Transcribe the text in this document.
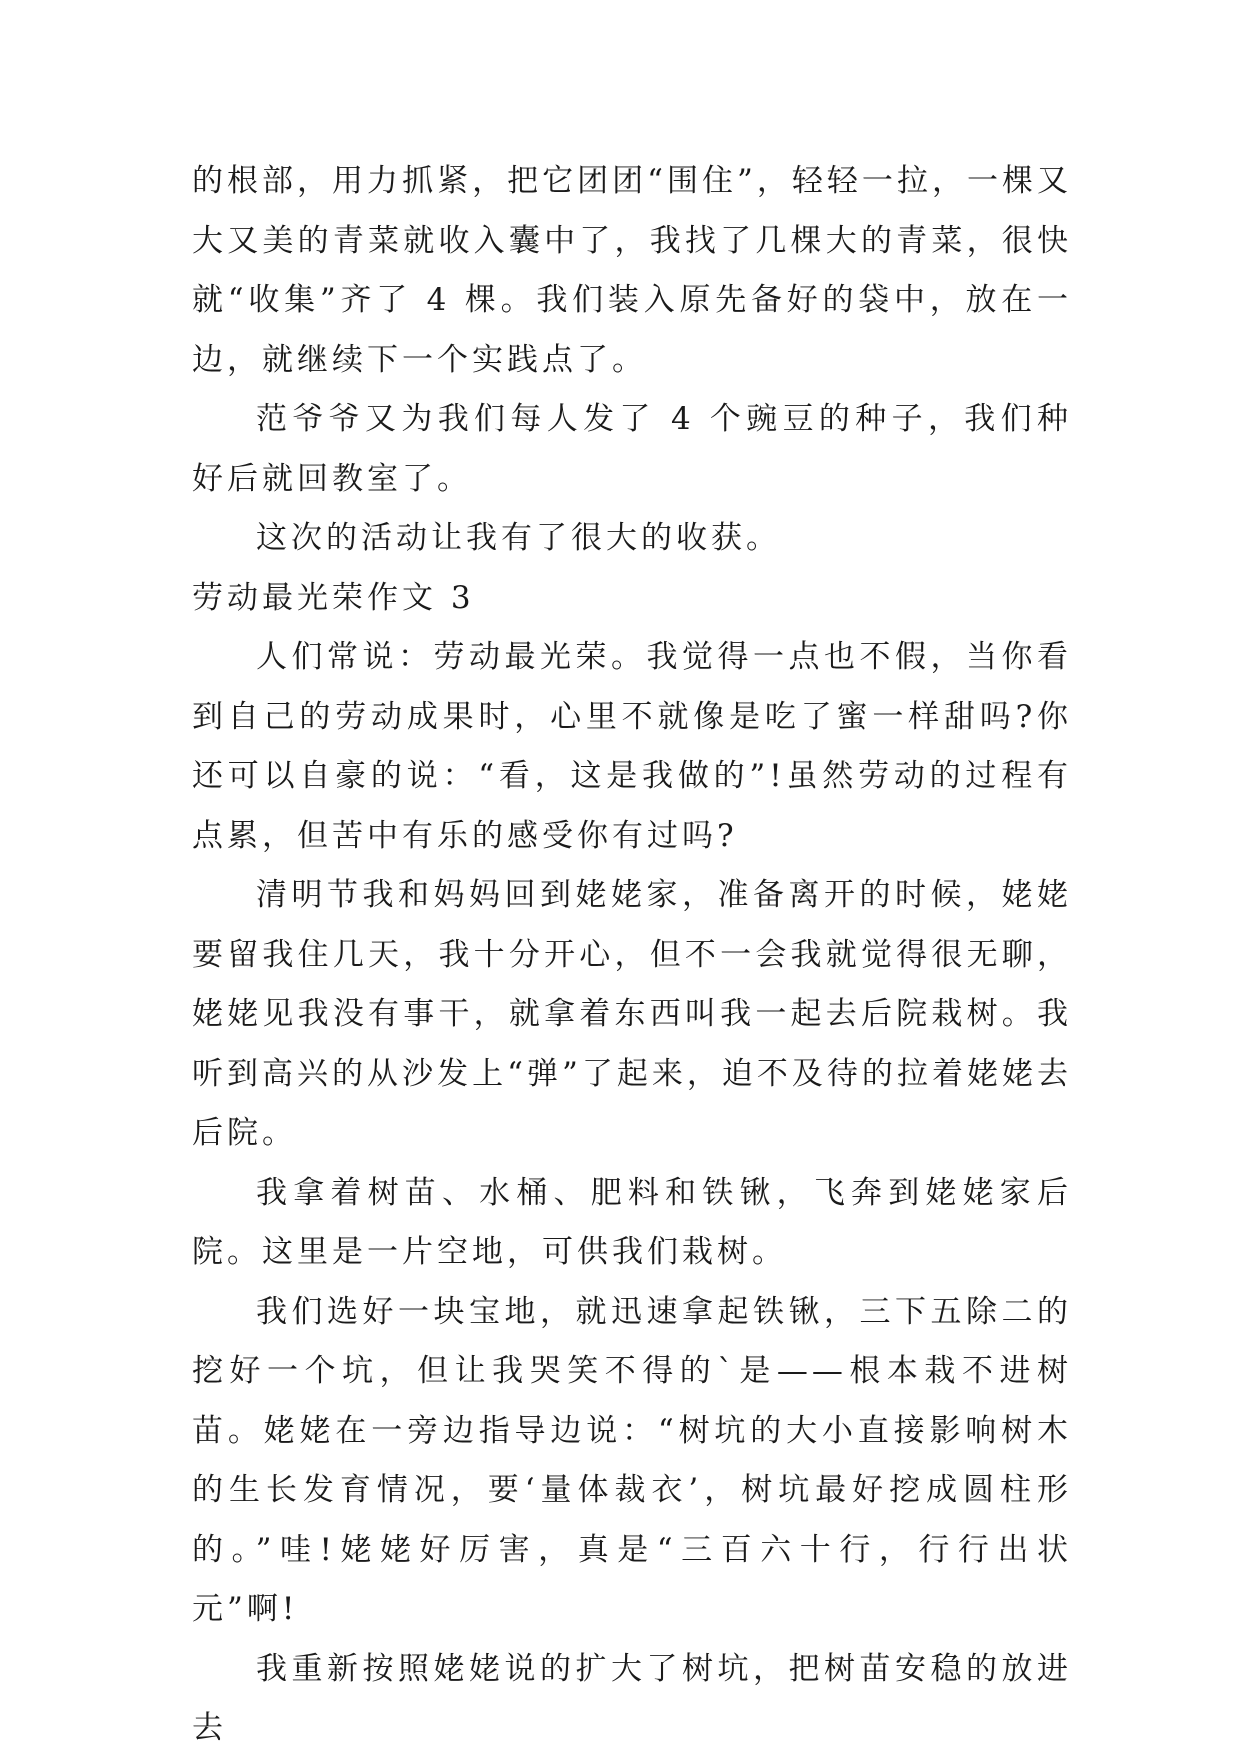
的根部，用力抓紧，把它团团“围住”，轻轻一拉，一棵又大又美的青菜就收入囊中了，我找了几棵大的青菜，很快就“收集”齐了 4 棵。我们装入原先备好的袋中，放在一边，就继续下一个实践点了。

范爷爷又为我们每人发了 4 个豌豆的种子，我们种好后就回教室了。

这次的活动让我有了很大的收获。

劳动最光荣作文 3

人们常说：劳动最光荣。我觉得一点也不假，当你看到自己的劳动成果时，心里不就像是吃了蜜一样甜吗?你还可以自豪的说：“看，这是我做的”!虽然劳动的过程有点累，但苦中有乐的感受你有过吗?

清明节我和妈妈回到姥姥家，准备离开的时候，姥姥要留我住几天，我十分开心，但不一会我就觉得很无聊，姥姥见我没有事干，就拿着东西叫我一起去后院栽树。我听到高兴的从沙发上“弹”了起来，迫不及待的拉着姥姥去后院。

我拿着树苗、水桶、肥料和铁锹，飞奔到姥姥家后院。这里是一片空地，可供我们栽树。

我们选好一块宝地，就迅速拿起铁锹，三下五除二的挖好一个坑，但让我哭笑不得的`是——根本栽不进树苗。姥姥在一旁边指导边说：“树坑的大小直接影响树木的生长发育情况，要‘量体裁衣’，树坑最好挖成圆柱形的。”哇!姥姥好厉害，真是“三百六十行，行行出状元”啊!

我重新按照姥姥说的扩大了树坑，把树苗安稳的放进去
